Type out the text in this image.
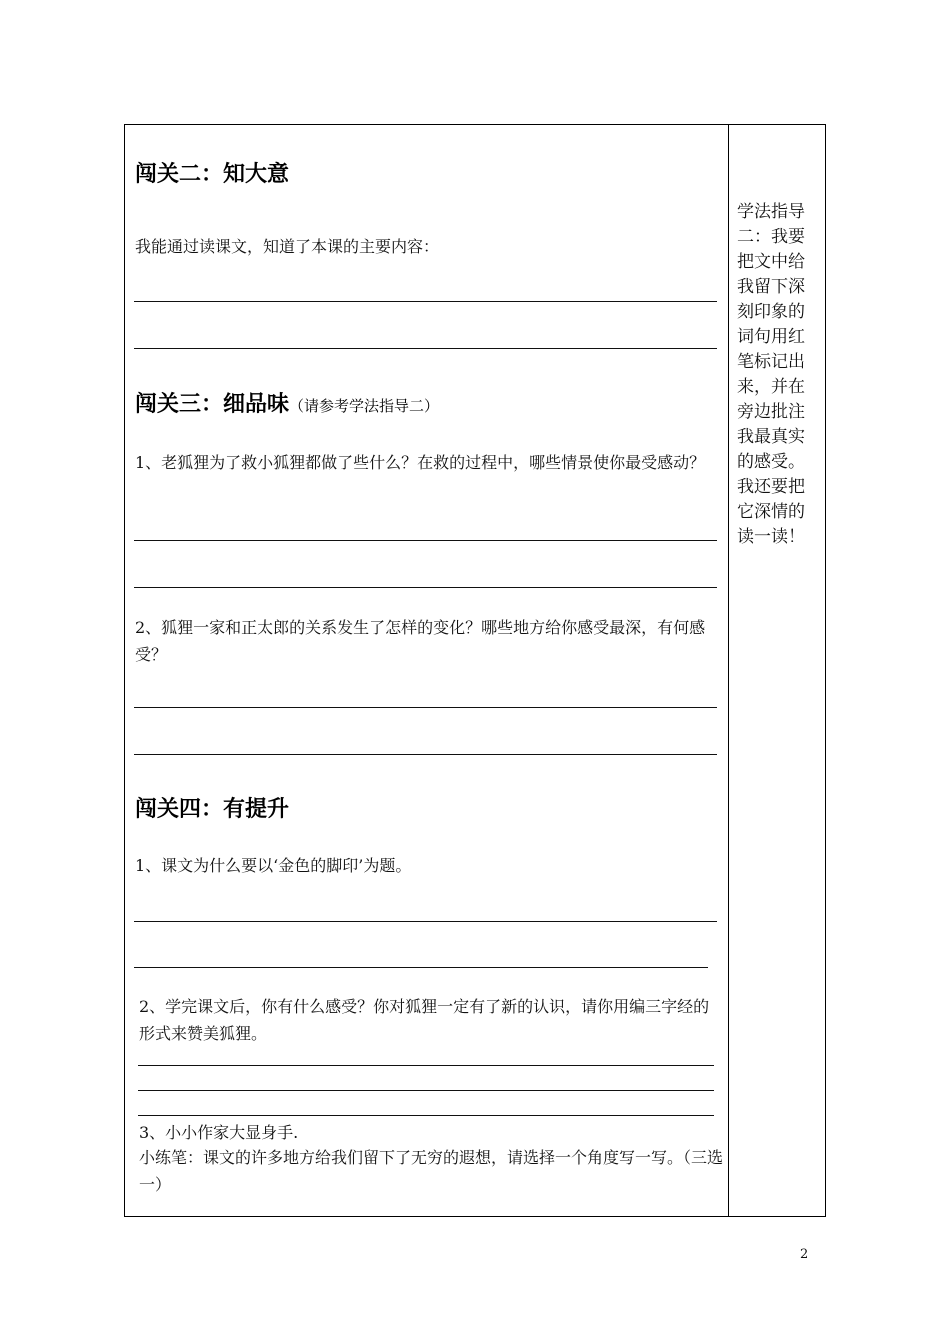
闯关二：知大意
我能通过读课文，知道了本课的主要内容：
闯关三：细品味（请参考学法指导二）
1、老狐狸为了救小狐狸都做了些什么？在救的过程中，哪些情景使你最受感动？
2、狐狸一家和正太郎的关系发生了怎样的变化？哪些地方给你感受最深，有何感受？
闯关四：有提升
1、课文为什么要以‘金色的脚印’为题。
2、学完课文后，你有什么感受？你对狐狸一定有了新的认识，请你用编三字经的形式来赞美狐狸。
3、小小作家大显身手.
小练笔：课文的许多地方给我们留下了无穷的遐想，请选择一个角度写一写。（三选一）
学法指导二：我要把文中给我留下深刻印象的词句用红笔标记出来，并在旁边批注我最真实的感受。我还要把它深情的读一读！
2
